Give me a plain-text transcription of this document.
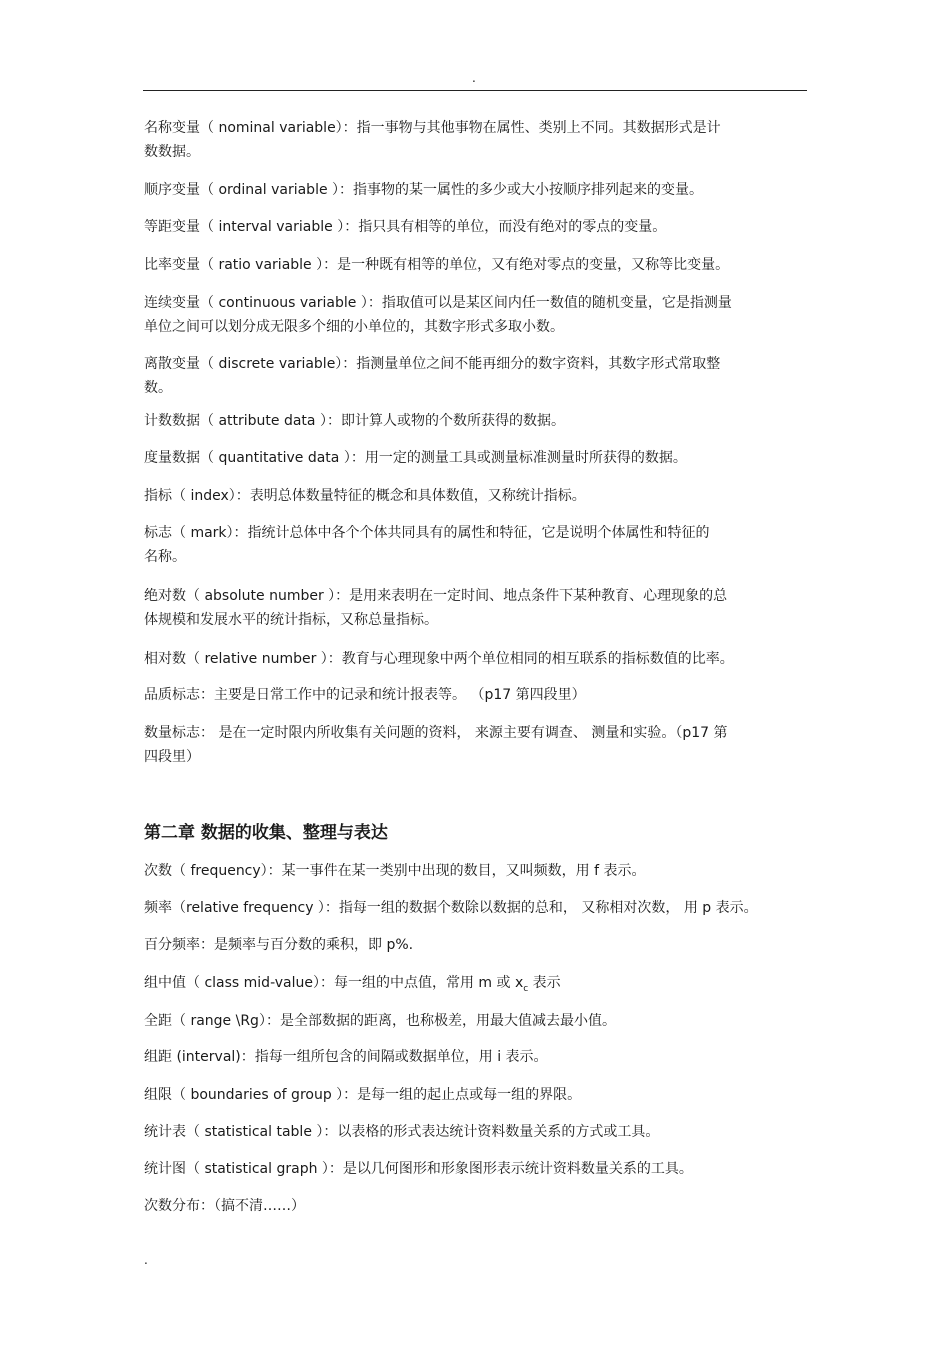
.

名称变量（ nominal variable）：指一事物与其他事物在属性、类别上不同。其数据形式是计
数数据。

顺序变量（ ordinal variable ）：指事物的某一属性的多少或大小按顺序排列起来的变量。

等距变量（ interval variable ）：指只具有相等的单位，而没有绝对的零点的变量。

比率变量（ ratio variable ）：是一种既有相等的单位，又有绝对零点的变量，又称等比变量。

连续变量（ continuous variable ）：指取值可以是某区间内任一数值的随机变量，它是指测量
单位之间可以划分成无限多个细的小单位的，其数字形式多取小数。

离散变量（ discrete variable）：指测量单位之间不能再细分的数字资料，其数字形式常取整
数。

计数数据（ attribute data ）：即计算人或物的个数所获得的数据。

度量数据（ quantitative data ）：用一定的测量工具或测量标准测量时所获得的数据。

指标（ index）：表明总体数量特征的概念和具体数值，又称统计指标。

标志（ mark）：指统计总体中各个个体共同具有的属性和特征，它是说明个体属性和特征的
名称。

绝对数（ absolute number ）：是用来表明在一定时间、地点条件下某种教育、心理现象的总
体规模和发展水平的统计指标，又称总量指标。

相对数（ relative number ）：教育与心理现象中两个单位相同的相互联系的指标数值的比率。

品质标志：主要是日常工作中的记录和统计报表等。 （p17 第四段里）

数量标志： 是在一定时限内所收集有关问题的资料， 来源主要有调查、 测量和实验。（p17 第
四段里）

第二章 数据的收集、整理与表达

次数（ frequency）：某一事件在某一类别中出现的数目，又叫频数，用 f 表示。

频率（relative frequency ）：指每一组的数据个数除以数据的总和， 又称相对次数， 用 p 表示。

百分频率：是频率与百分数的乘积，即 p%.

组中值（ class mid-value）：每一组的中点值，常用 m 或 $x_c$ 表示

全距（ range \Rg）：是全部数据的距离，也称极差，用最大值减去最小值。

组距 (interval)：指每一组所包含的间隔或数据单位，用 i 表示。

组限（ boundaries of group ）：是每一组的起止点或每一组的界限。

统计表（ statistical table ）：以表格的形式表达统计资料数量关系的方式或工具。

统计图（ statistical graph ）：是以几何图形和形象图形表示统计资料数量关系的工具。

次数分布：（搞不清……）

.
